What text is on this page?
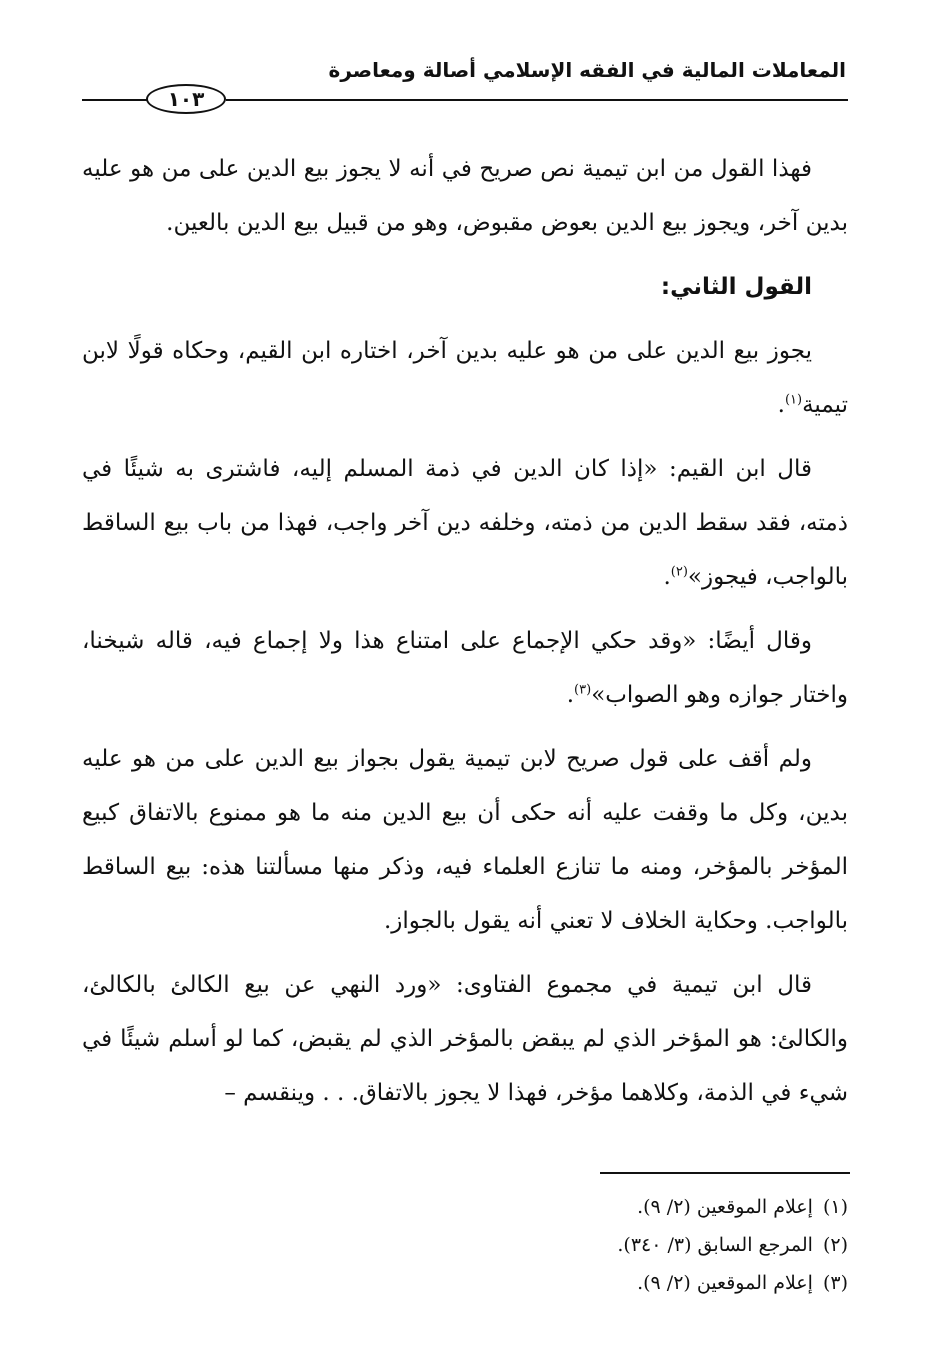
المعاملات المالية في الفقه الإسلامي أصالة ومعاصرة
١٠٣

فهذا القول من ابن تيمية نص صريح في أنه لا يجوز بيع الدين على من هو عليه بدين آخر، ويجوز بيع الدين بعوض مقبوض، وهو من قبيل بيع الدين بالعين.

القول الثاني:

يجوز بيع الدين على من هو عليه بدين آخر، اختاره ابن القيم، وحكاه قولًا لابن تيمية$^{(١)}$.

قال ابن القيم: «إذا كان الدين في ذمة المسلم إليه، فاشترى به شيئًا في ذمته، فقد سقط الدين من ذمته، وخلفه دين آخر واجب، فهذا من باب بيع الساقط بالواجب، فيجوز»$^{(٢)}$.

وقال أيضًا: «وقد حكي الإجماع على امتناع هذا ولا إجماع فيه، قاله شيخنا، واختار جوازه وهو الصواب»$^{(٣)}$.

ولم أقف على قول صريح لابن تيمية يقول بجواز بيع الدين على من هو عليه بدين، وكل ما وقفت عليه أنه حكى أن بيع الدين منه ما هو ممنوع بالاتفاق كبيع المؤخر بالمؤخر، ومنه ما تنازع العلماء فيه، وذكر منها مسألتنا هذه: بيع الساقط بالواجب. وحكاية الخلاف لا تعني أنه يقول بالجواز.

قال ابن تيمية في مجموع الفتاوى: «ورد النهي عن بيع الكالئ بالكالئ، والكالئ: هو المؤخر الذي لم يبقض بالمؤخر الذي لم يقبض، كما لو أسلم شيئًا في شيء في الذمة، وكلاهما مؤخر، فهذا لا يجوز بالاتفاق. . . وينقسم –

(١)إعلام الموقعين (٢/ ٩).

(٢)المرجع السابق (٣/ ٣٤٠).

(٣)إعلام الموقعين (٢/ ٩).
